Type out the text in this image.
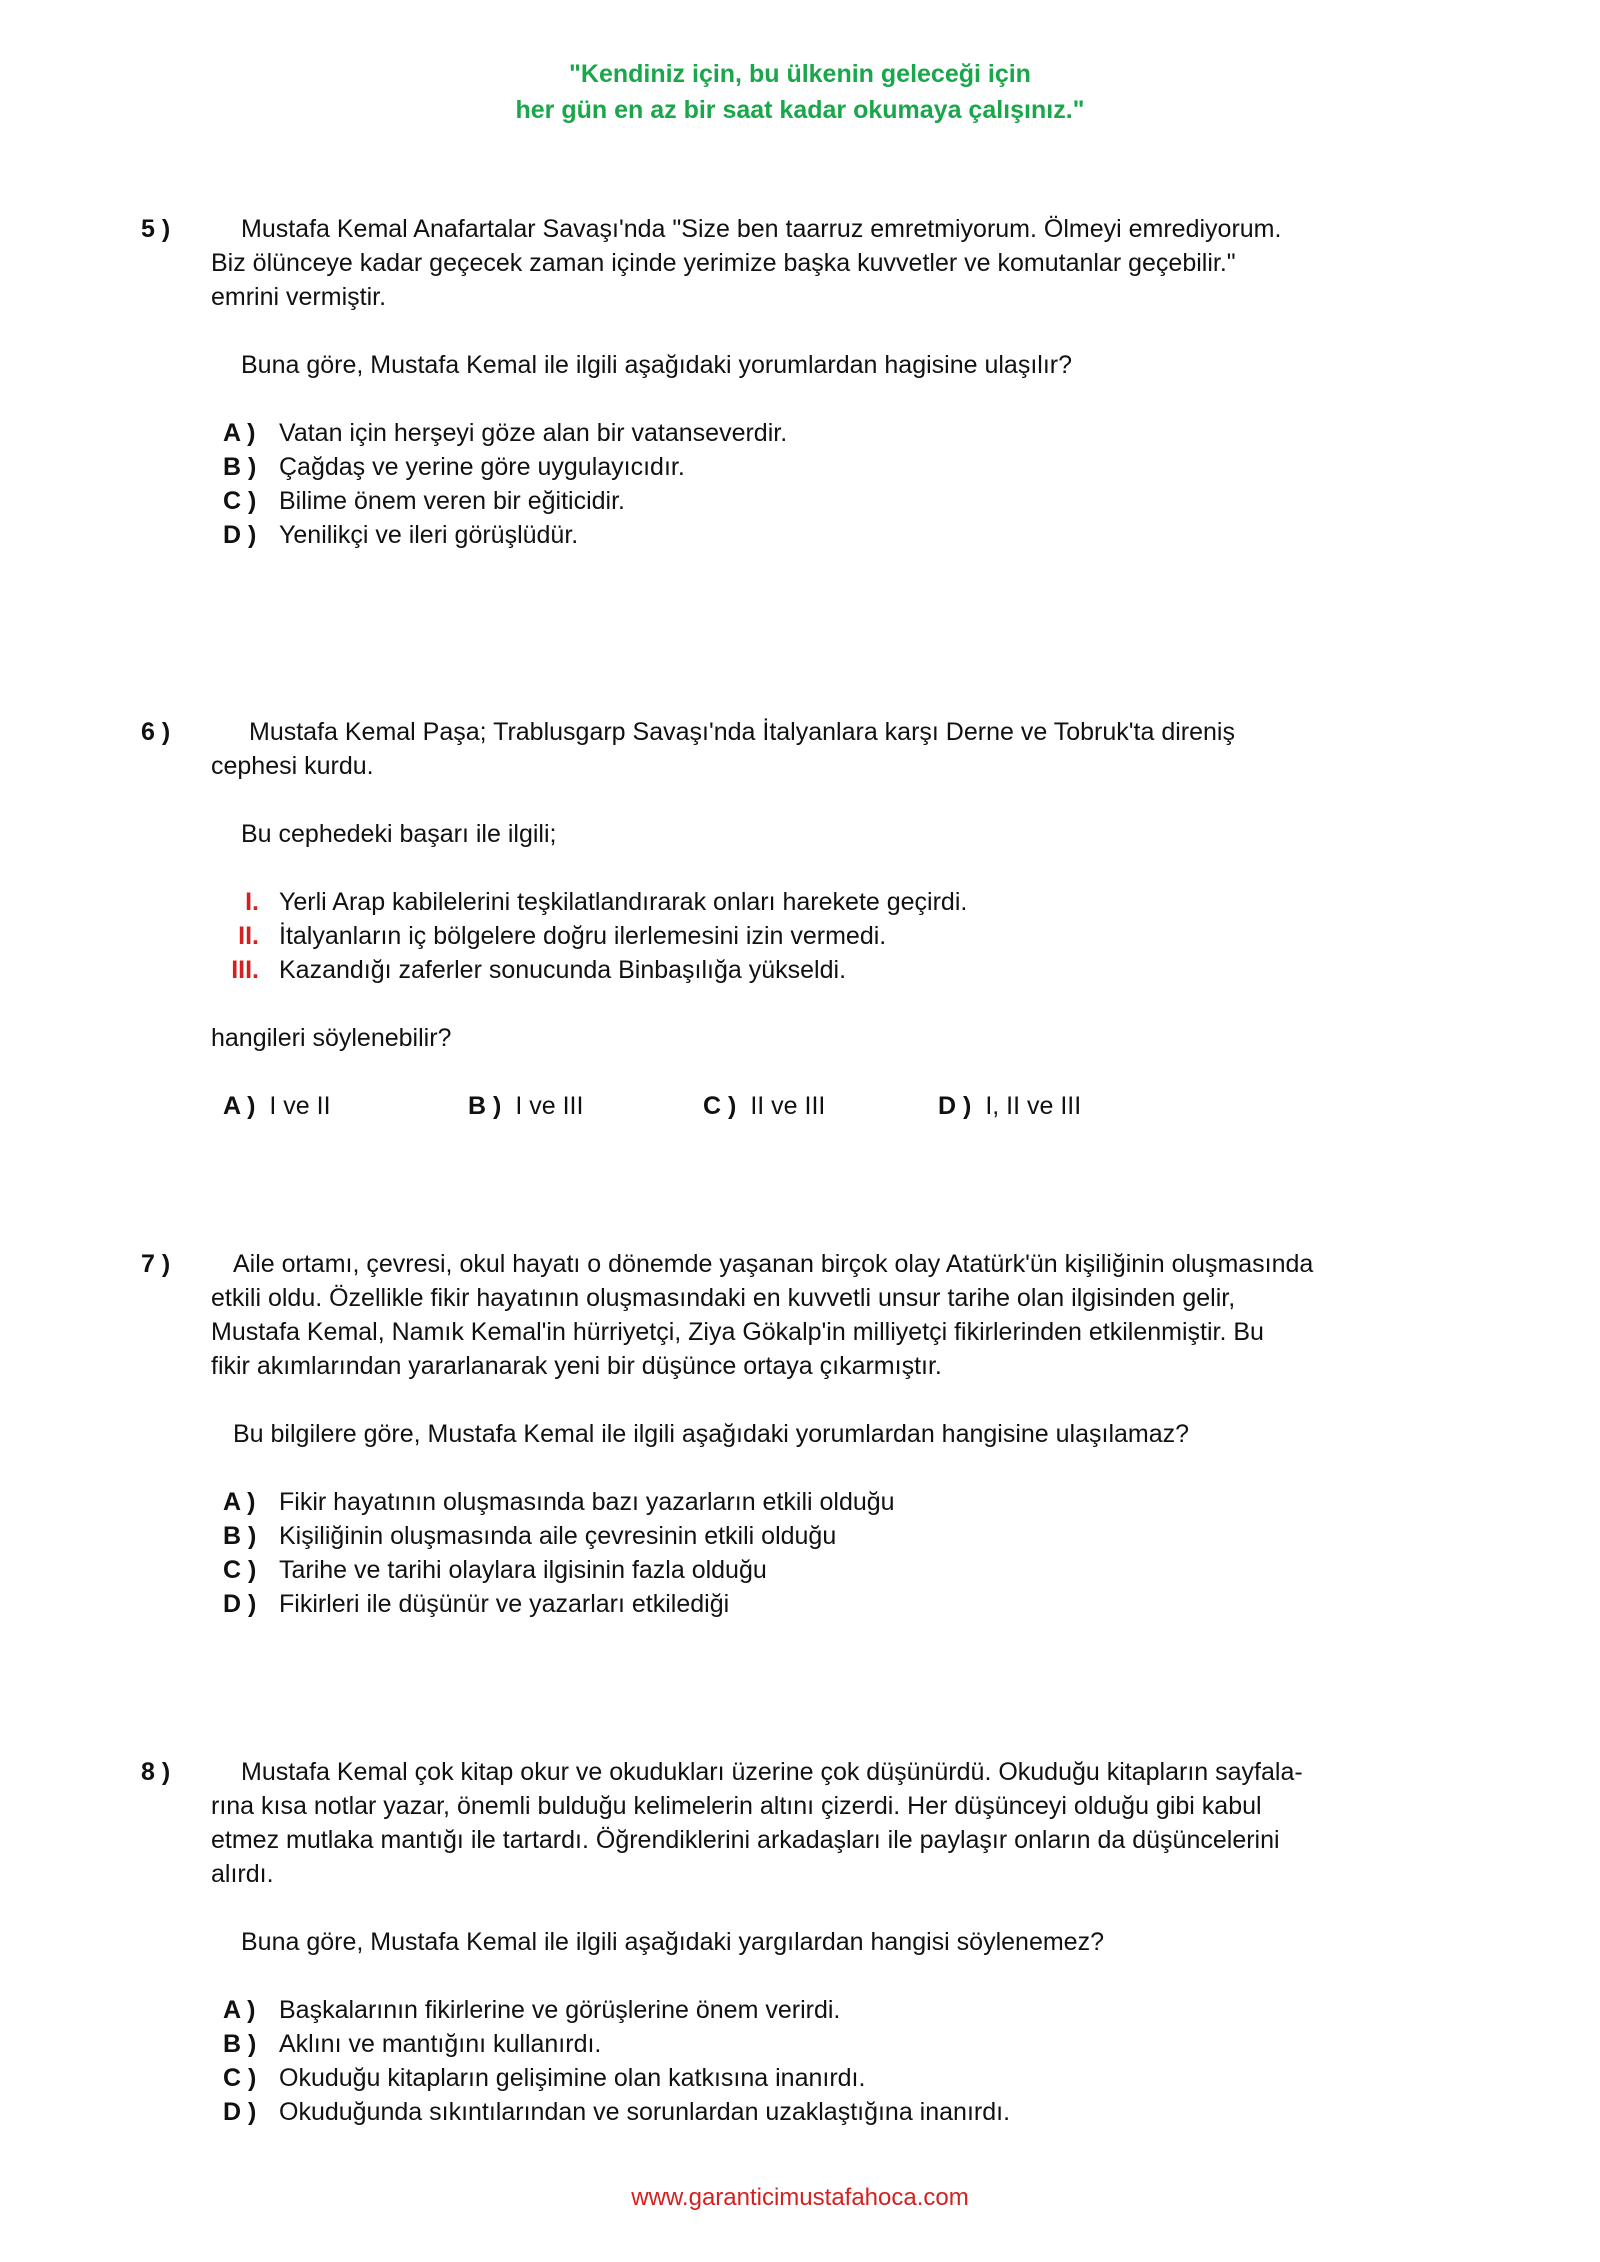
"Kendiniz için, bu ülkenin geleceği için
her gün en az bir saat kadar okumaya çalışınız."
5 )	Mustafa Kemal Anafartalar Savaşı'nda "Size ben taarruz emretmiyorum. Ölmeyi emrediyorum.
Biz ölünceye kadar geçecek zaman içinde yerimize başka kuvvetler ve komutanlar geçebilir."
emrini vermiştir.
Buna göre, Mustafa Kemal ile ilgili aşağıdaki yorumlardan hagisine ulaşılır?
A ) Vatan için herşeyi göze alan bir vatanseverdir.
B ) Çağdaş ve yerine göre uygulayıcıdır.
C ) Bilime önem veren bir eğiticidir.
D ) Yenilikçi ve ileri görüşlüdür.
6 )	Mustafa Kemal Paşa; Trablusgarp Savaşı'nda İtalyanlara karşı Derne ve Tobruk'ta direniş
cephesi kurdu.
Bu cephedeki başarı ile ilgili;
I. Yerli Arap kabilelerini teşkilatlandırarak onları harekete geçirdi.
II. İtalyanların iç bölgelere doğru ilerlemesini izin vermedi.
III. Kazandığı zaferler sonucunda Binbaşılığa yükseldi.
hangileri söylenebilir?
A ) I ve II	B ) I ve III	C ) II ve III	D ) I, II ve III
7 )	Aile ortamı, çevresi, okul hayatı o dönemde yaşanan birçok olay Atatürk'ün kişiliğinin oluşmasında
etkili oldu. Özellikle fikir hayatının oluşmasındaki en kuvvetli unsur tarihe olan ilgisinden gelir,
Mustafa Kemal, Namık Kemal'in hürriyetçi, Ziya Gökalp'in milliyetçi fikirlerinden etkilenmiştir. Bu
fikir akımlarından yararlanarak yeni bir düşünce ortaya çıkarmıştır.
Bu bilgilere göre, Mustafa Kemal ile ilgili aşağıdaki yorumlardan hangisine ulaşılamaz?
A ) Fikir hayatının oluşmasında bazı yazarların etkili olduğu
B ) Kişiliğinin oluşmasında aile çevresinin etkili olduğu
C ) Tarihe ve tarihi olaylara ilgisinin fazla olduğu
D ) Fikirleri ile düşünür ve yazarları etkilediği
8 )	Mustafa Kemal çok kitap okur ve okudukları üzerine çok düşünürdü. Okuduğu kitapların sayfala-
rına kısa notlar yazar, önemli bulduğu kelimelerin altını çizerdi. Her düşünceyi olduğu gibi kabul
etmez mutlaka mantığı ile tartardı. Öğrendiklerini arkadaşları ile paylaşır onların da düşüncelerini
alırdı.
Buna göre, Mustafa Kemal ile ilgili aşağıdaki yargılardan hangisi söylenemez?
A ) Başkalarının fikirlerine ve görüşlerine önem verirdi.
B ) Aklını ve mantığını kullanırdı.
C ) Okuduğu kitapların gelişimine olan katkısına inanırdı.
D ) Okuduğunda sıkıntılarından ve sorunlardan uzaklaştığına inanırdı.
www.garanticimustafahoca.com
